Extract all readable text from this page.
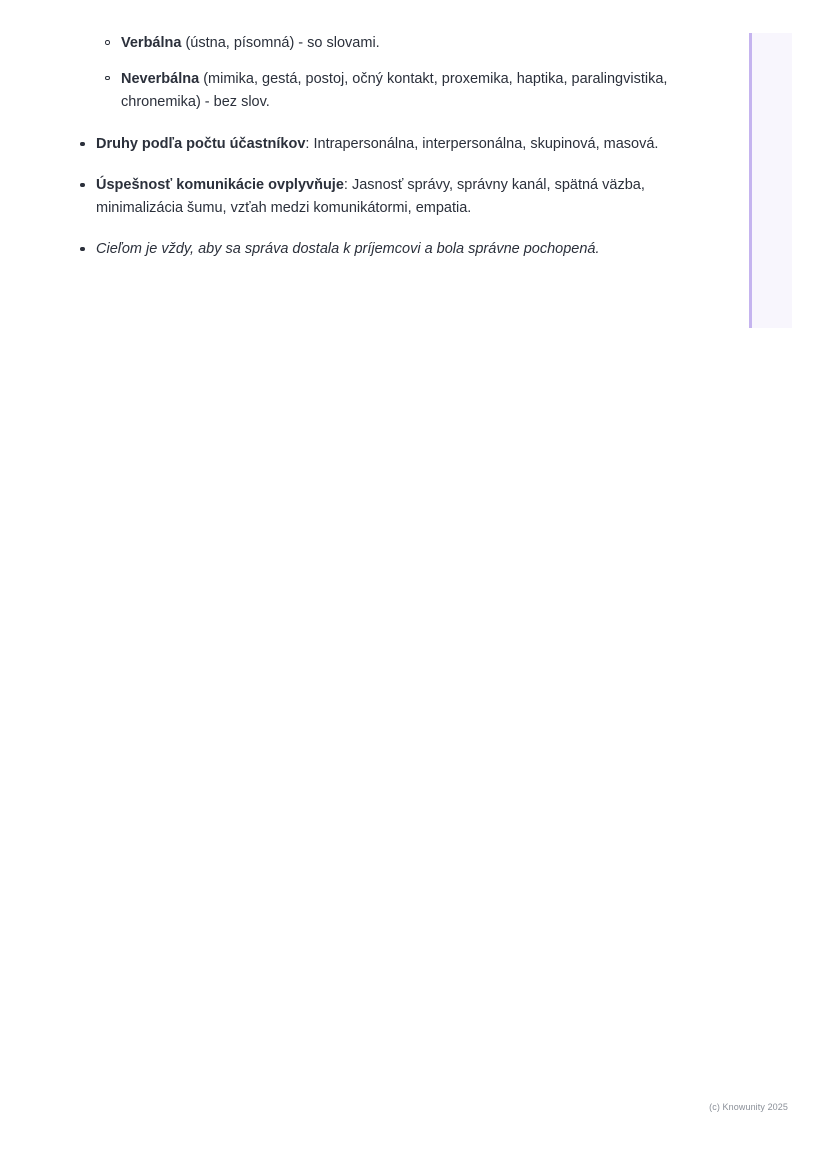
Verbálna (ústna, písomná) - so slovami.
Neverbálna (mimika, gestá, postoj, očný kontakt, proxemika, haptika, paralingvistika, chronemika) - bez slov.
Druhy podľa počtu účastníkov: Intrapersonálna, interpersonálna, skupinová, masová.
Úspešnosť komunikácie ovplyvňuje: Jasnosť správy, správny kanál, spätná väzba, minimalizácia šumu, vzťah medzi komunikátormi, empatia.
Cieľom je vždy, aby sa správa dostala k príjemcovi a bola správne pochopená.
(c) Knowunity 2025
